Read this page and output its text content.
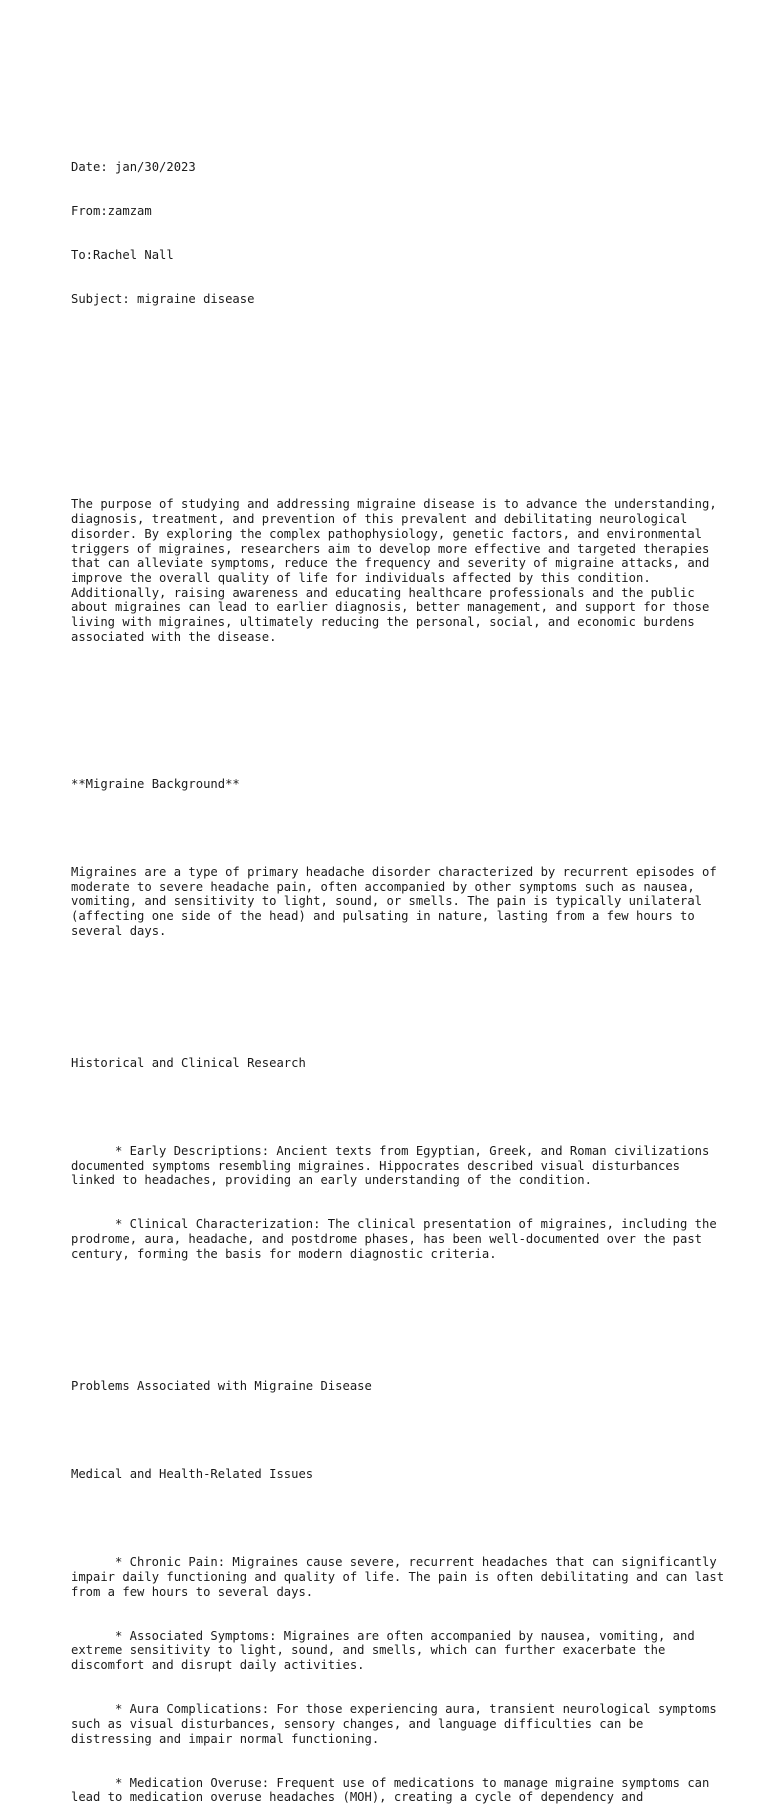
Date: jan/30/2023

From:zamzam

To:Rachel Nall

Subject: migraine disease

The purpose of studying and addressing migraine disease is to advance the understanding, diagnosis, treatment, and prevention of this prevalent and debilitating neurological disorder. By exploring the complex pathophysiology, genetic factors, and environmental triggers of migraines, researchers aim to develop more effective and targeted therapies that can alleviate symptoms, reduce the frequency and severity of migraine attacks, and improve the overall quality of life for individuals affected by this condition. Additionally, raising awareness and educating healthcare professionals and the public about migraines can lead to earlier diagnosis, better management, and support for those living with migraines, ultimately reducing the personal, social, and economic burdens associated with the disease.

**Migraine Background**

Migraines are a type of primary headache disorder characterized by recurrent episodes of moderate to severe headache pain, often accompanied by other symptoms such as nausea, vomiting, and sensitivity to light, sound, or smells. The pain is typically unilateral (affecting one side of the head) and pulsating in nature, lasting from a few hours to several days.

Historical and Clinical Research

* Early Descriptions: Ancient texts from Egyptian, Greek, and Roman civilizations documented symptoms resembling migraines. Hippocrates described visual disturbances linked to headaches, providing an early understanding of the condition.

* Clinical Characterization: The clinical presentation of migraines, including the prodrome, aura, headache, and postdrome phases, has been well-documented over the past century, forming the basis for modern diagnostic criteria.

Problems Associated with Migraine Disease

Medical and Health-Related Issues

* Chronic Pain: Migraines cause severe, recurrent headaches that can significantly impair daily functioning and quality of life. The pain is often debilitating and can last from a few hours to several days.

* Associated Symptoms: Migraines are often accompanied by nausea, vomiting, and extreme sensitivity to light, sound, and smells, which can further exacerbate the discomfort and disrupt daily activities.

* Aura Complications: For those experiencing aura, transient neurological symptoms such as visual disturbances, sensory changes, and language difficulties can be distressing and impair normal functioning.

* Medication Overuse: Frequent use of medications to manage migraine symptoms can lead to medication overuse headaches (MOH), creating a cycle of dependency and
